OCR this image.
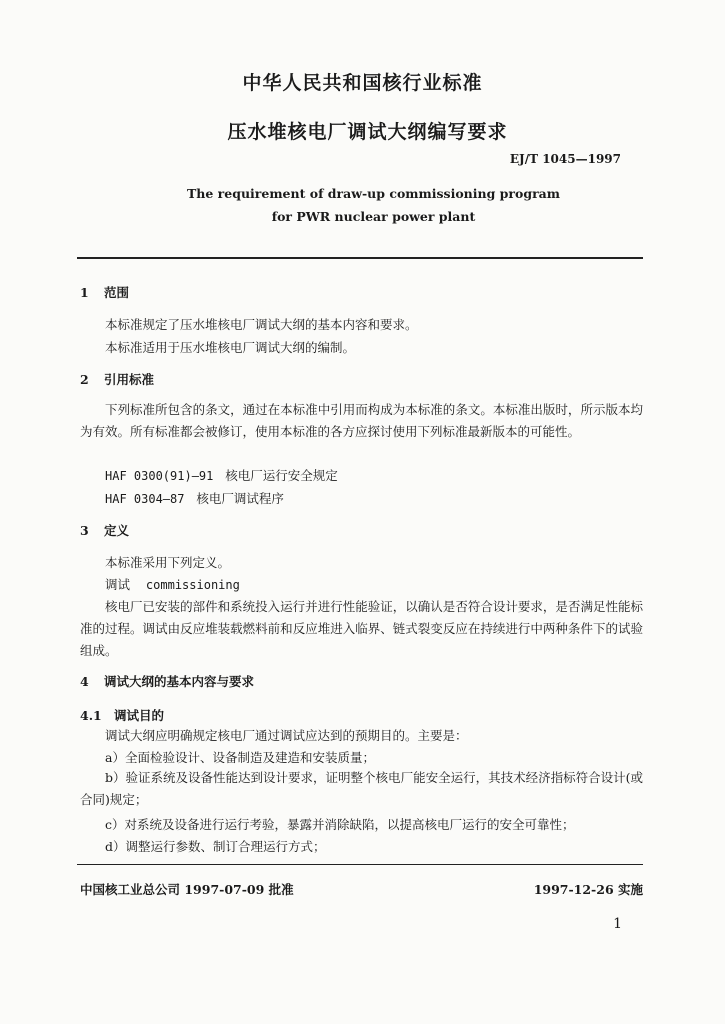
中华人民共和国核行业标准
压水堆核电厂调试大纲编写要求
EJ/T 1045—1997
The requirement of draw-up commissioning program
for PWR nuclear power plant
1 范围
本标准规定了压水堆核电厂调试大纲的基本内容和要求。
本标准适用于压水堆核电厂调试大纲的编制。
2 引用标准
下列标准所包含的条文，通过在本标准中引用而构成为本标准的条文。本标准出版时，所示版本均为有效。所有标准都会被修订，使用本标准的各方应探讨使用下列标准最新版本的可能性。
HAF 0300(91)—91 核电厂运行安全规定
HAF 0304—87 核电厂调试程序
3 定义
本标准采用下列定义。
调试 commissioning
核电厂已安装的部件和系统投入运行并进行性能验证，以确认是否符合设计要求，是否满足性能标准的过程。调试由反应堆装载燃料前和反应堆进入临界、链式裂变反应在持续进行中两种条件下的试验组成。
4 调试大纲的基本内容与要求
4.1 调试目的
调试大纲应明确规定核电厂通过调试应达到的预期目的。主要是：
a）全面检验设计、设备制造及建造和安装质量；
b）验证系统及设备性能达到设计要求，证明整个核电厂能安全运行，其技术经济指标符合设计(或合同)规定；
c）对系统及设备进行运行考验，暴露并消除缺陷，以提高核电厂运行的安全可靠性；
d）调整运行参数、制订合理运行方式；
中国核工业总公司 1997-07-09 批准	1997-12-26 实施
1
